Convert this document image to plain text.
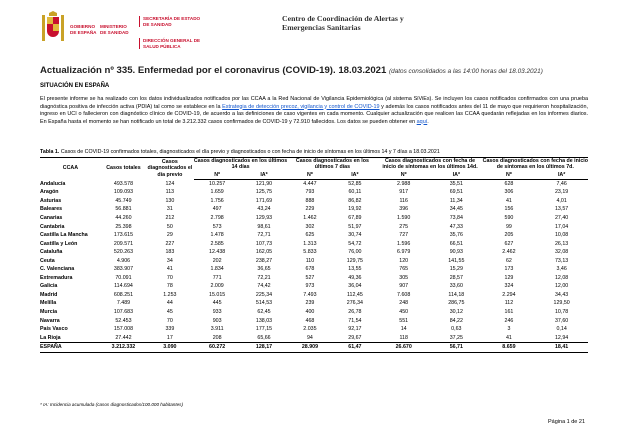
GOBIERNO
DE ESPAÑA
MINISTERIO
DE SANIDAD
SECRETARÍA DE ESTADO
DE SANIDAD
DIRECCIÓN GENERAL DE
SALUD PÚBLICA
Centro de Coordinación de Alertas y
Emergencias Sanitarias
Actualización nº 335. Enfermedad por el coronavirus (COVID-19). 18.03.2021 (datos consolidados a las 14:00 horas del 18.03.2021)
SITUACIÓN EN ESPAÑA
El presente informe se ha realizado con los datos individualizados notificados por las CCAA a la Red Nacional de Vigilancia Epidemiológica (al sistema SiViEs). Se incluyen los casos notificados confirmados con una prueba diagnóstica positiva de infección activa (PDIA) tal como se establece en la Estrategia de detección precoz, vigilancia y control de COVID-19 y además los casos notificados antes del 11 de mayo que requirieron hospitalización, ingreso en UCI o fallecieron con diagnóstico clínico de COVID-19, de acuerdo a las definiciones de caso vigentes en cada momento. Cualquier actualización que realicen las CCAA quedarán reflejadas en los informes diarios. En España hasta el momento se han notificado un total de 3.212.332 casos confirmados de COVID-19 y 72.910 fallecidos. Los datos se pueden obtener en aquí.
Tabla 1. Casos de COVID-19 confirmados totales, diagnosticados el día previo y diagnosticados o con fecha de inicio de síntomas en los últimos 14 y 7 días a 18.03.2021
CCAA	Casos totales	Casos diagnosticados el día previo	Casos diagnosticados en los últimos 14 días		Casos diagnosticados en los últimos 7 días		Casos diagnosticados con fecha de inicio de síntomas en los últimos 14d.		Casos diagnosticados con fecha de inicio de síntomas en los últimos 7d.	
			Nº	IA*	Nº	IA*	Nº	IA*	Nº	IA*
Andalucía	493.578	124	10.257	121,90	4.447	52,85	2.988	35,51	628	7,46
Aragón	109.093	113	1.659	125,75	793	60,11	917	69,51	306	23,19
Asturias	45.749	130	1.756	171,69	888	86,82	116	11,34	41	4,01
Baleares	56.881	31	497	43,24	229	19,92	396	34,45	156	13,57
Canarias	44.260	212	2.798	129,93	1.462	67,89	1.590	73,84	590	27,40
Cantabria	25.398	50	573	98,61	302	51,97	275	47,33	99	17,04
Castilla La Mancha	173.615	29	1.478	72,71	625	30,74	727	35,76	205	10,08
Castilla y León	209.571	227	2.585	107,73	1.313	54,72	1.596	66,51	627	26,13
Cataluña	520.263	183	12.438	162,05	5.833	76,00	6.979	90,93	2.462	32,08
Ceuta	4.906	34	202	238,27	110	129,75	120	141,55	62	73,13
C. Valenciana	383.907	41	1.834	36,65	678	13,55	765	15,29	173	3,46
Extremadura	70.091	70	771	72,21	527	49,36	305	28,57	129	12,08
Galicia	114.694	78	2.009	74,42	973	36,04	907	33,60	324	12,00
Madrid	608.251	1.253	15.015	225,34	7.493	112,45	7.608	114,18	2.294	34,43
Melilla	7.489	44	445	514,53	239	276,34	248	286,75	112	129,50
Murcia	107.683	45	933	62,45	400	26,78	450	30,12	161	10,78
Navarra	52.453	70	903	138,03	468	71,54	551	84,22	246	37,60
País Vasco	157.008	339	3.911	177,15	2.035	92,17	14	0,63	3	0,14
La Rioja	27.442	17	208	65,66	94	29,67	118	37,25	41	12,94
ESPAÑA	3.212.332	3.090	60.272	128,17	28.909	61,47	26.670	56,71	8.659	18,41
* IA: Incidencia acumulada (casos diagnosticados/100.000 habitantes)
Página 1 de 21
